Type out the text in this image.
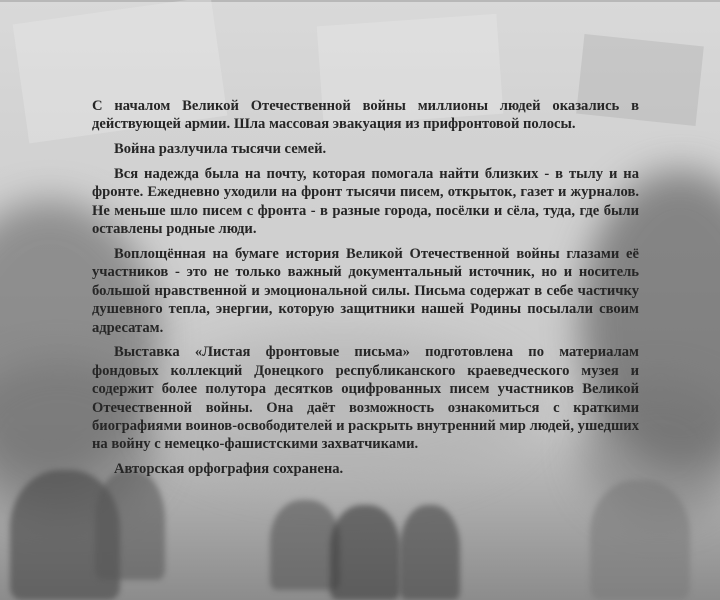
С началом Великой Отечественной войны миллионы людей оказались в действующей армии. Шла массовая эвакуация из прифронтовой полосы.

Война разлучила тысячи семей.

Вся надежда была на почту, которая помогала найти близких - в тылу и на фронте. Ежедневно уходили на фронт тысячи писем, открыток, газет и журналов. Не меньше шло писем с фронта - в разные города, посёлки и сёла, туда, где были оставлены родные люди.

Воплощённая на бумаге история Великой Отечественной войны глазами её участников - это не только важный документальный источник, но и носитель большой нравственной и эмоциональной силы. Письма содержат в себе частичку душевного тепла, энергии, которую защитники нашей Родины посылали своим адресатам.

Выставка «Листая фронтовые письма» подготовлена по материалам фондовых коллекций Донецкого республиканского краеведческого музея и содержит более полутора десятков оцифрованных писем участников Великой Отечественной войны. Она даёт возможность ознакомиться с краткими биографиями воинов-освободителей и раскрыть внутренний мир людей, ушедших на войну с немецко-фашистскими захватчиками.

Авторская орфография сохранена.
